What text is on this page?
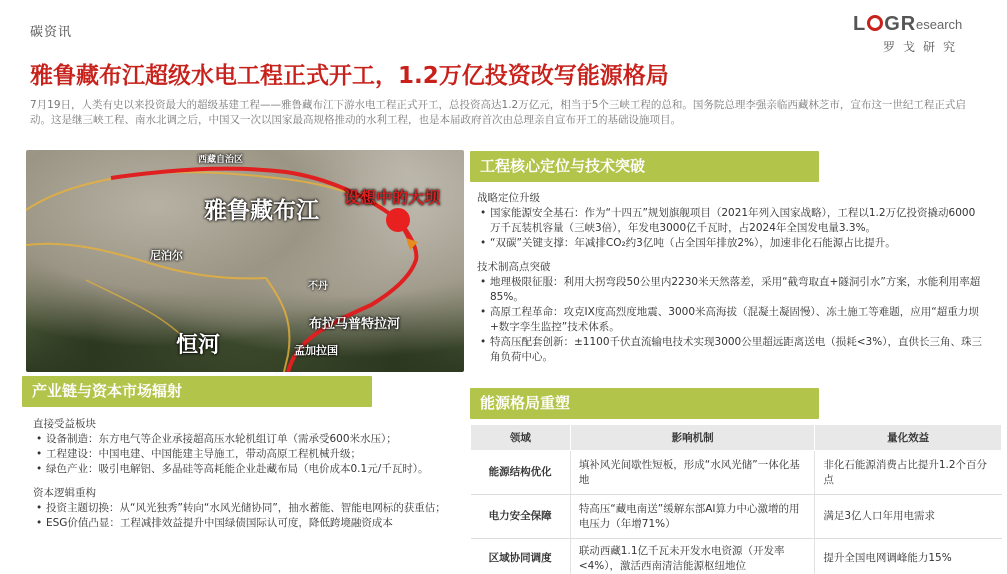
碳资讯	L GR esearch
罗戈研究
雅鲁藏布江超级水电工程正式开工，1.2万亿投资改写能源格局
7月19日，人类有史以来投资最大的超级基建工程——雅鲁藏布江下游水电工程正式开工，总投资高达1.2万亿元，相当于5个三峡工程的总和。国务院总理李强亲临西藏林芝市，宣布这一世纪工程正式启动。这是继三峡工程、南水北调之后，中国又一次以国家最高规格推动的水利工程，也是本届政府首次由总理亲自宣布开工的基础设施项目。
西藏自治区
雅鲁藏布江
设想中的大坝
尼泊尔
不丹
布拉马普特拉河
恒河	孟加拉国
工程核心定位与技术突破
战略定位升级
• 国家能源安全基石：作为“十四五”规划旗舰项目（2021年列入国家战略），工程以1.2万亿投资撬动6000万千瓦装机容量（三峡3倍），年发电3000亿千瓦时，占2024年全国发电量3.3%。
• “双碳”关键支撑：年减排CO₂约3亿吨（占全国年排放2%），加速非化石能源占比提升。
技术制高点突破
• 地理极限征服：利用大拐弯段50公里内2230米天然落差，采用“截弯取直+隧洞引水”方案，水能利用率超85%。
• 高原工程革命：攻克IX度高烈度地震、3000米高海拔（混凝土凝固慢）、冻土施工等难题，应用“超重力坝+数字孪生监控”技术体系。
• 特高压配套创新：±1100千伏直流输电技术实现3000公里超远距离送电（损耗<3%），直供长三角、珠三角负荷中心。
产业链与资本市场辐射
直接受益板块
• 设备制造：东方电气等企业承接超高压水轮机组订单（需承受600米水压）；
• 工程建设：中国电建、中国能建主导施工，带动高原工程机械升级；
• 绿色产业：吸引电解铝、多晶硅等高耗能企业赴藏布局（电价成本0.1元/千瓦时）。
资本逻辑重构
• 投资主题切换：从“风光独秀”转向“水风光储协同”，抽水蓄能、智能电网标的获重估；
• ESG价值凸显：工程减排效益提升中国绿债国际认可度，降低跨境融资成本
能源格局重塑
领域	影响机制	量化效益
能源结构优化	填补风光间歇性短板，形成“水风光储”一体化基地	非化石能源消费占比提升1.2个百分点
电力安全保障	特高压“藏电南送”缓解东部AI算力中心激增的用电压力（年增71%）	满足3亿人口年用电需求
区域协同调度	联动西藏1.1亿千瓦未开发水电资源（开发率<4%），激活西南清洁能源枢纽地位	提升全国电网调峰能力15%
